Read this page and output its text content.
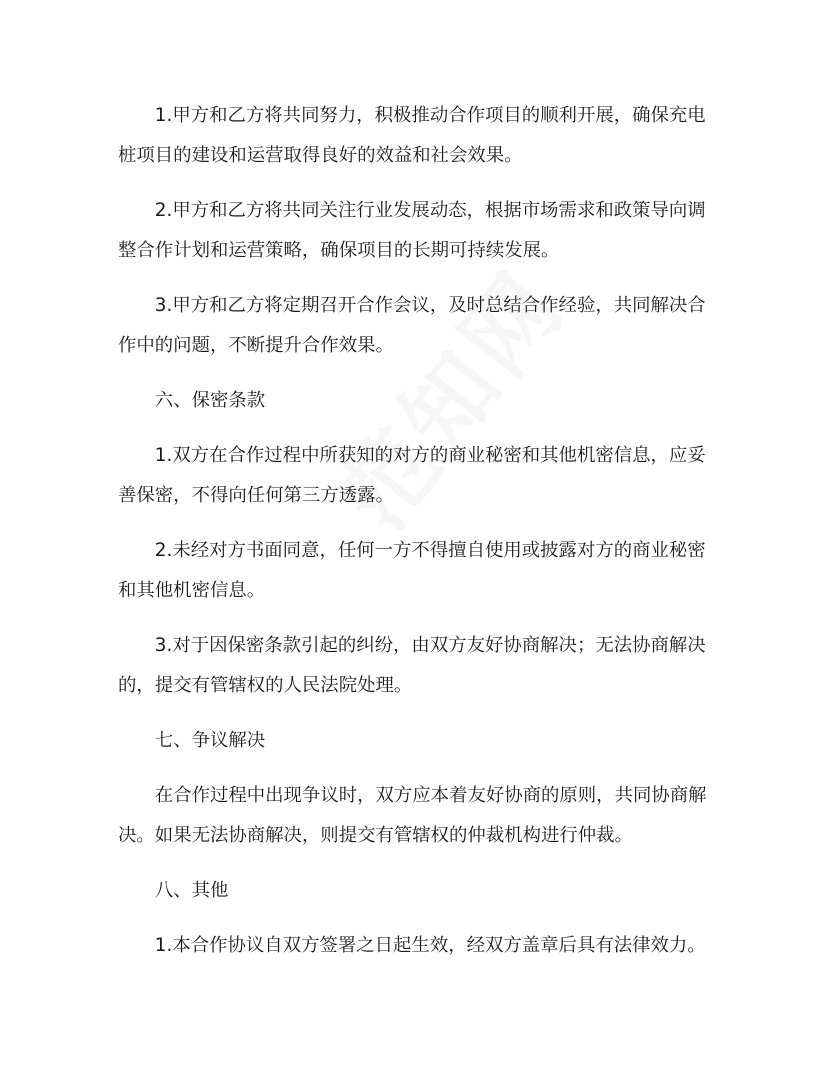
1.甲方和乙方将共同努力，积极推动合作项目的顺利开展，确保充电桩项目的建设和运营取得良好的效益和社会效果。

2.甲方和乙方将共同关注行业发展动态，根据市场需求和政策导向调整合作计划和运营策略，确保项目的长期可持续发展。

3.甲方和乙方将定期召开合作会议，及时总结合作经验，共同解决合作中的问题，不断提升合作效果。

六、保密条款

1.双方在合作过程中所获知的对方的商业秘密和其他机密信息，应妥善保密，不得向任何第三方透露。

2.未经对方书面同意，任何一方不得擅自使用或披露对方的商业秘密和其他机密信息。

3.对于因保密条款引起的纠纷，由双方友好协商解决；无法协商解决的，提交有管辖权的人民法院处理。

七、争议解决

在合作过程中出现争议时，双方应本着友好协商的原则，共同协商解决。如果无法协商解决，则提交有管辖权的仲裁机构进行仲裁。

八、其他

1.本合作协议自双方签署之日起生效，经双方盖章后具有法律效力。
